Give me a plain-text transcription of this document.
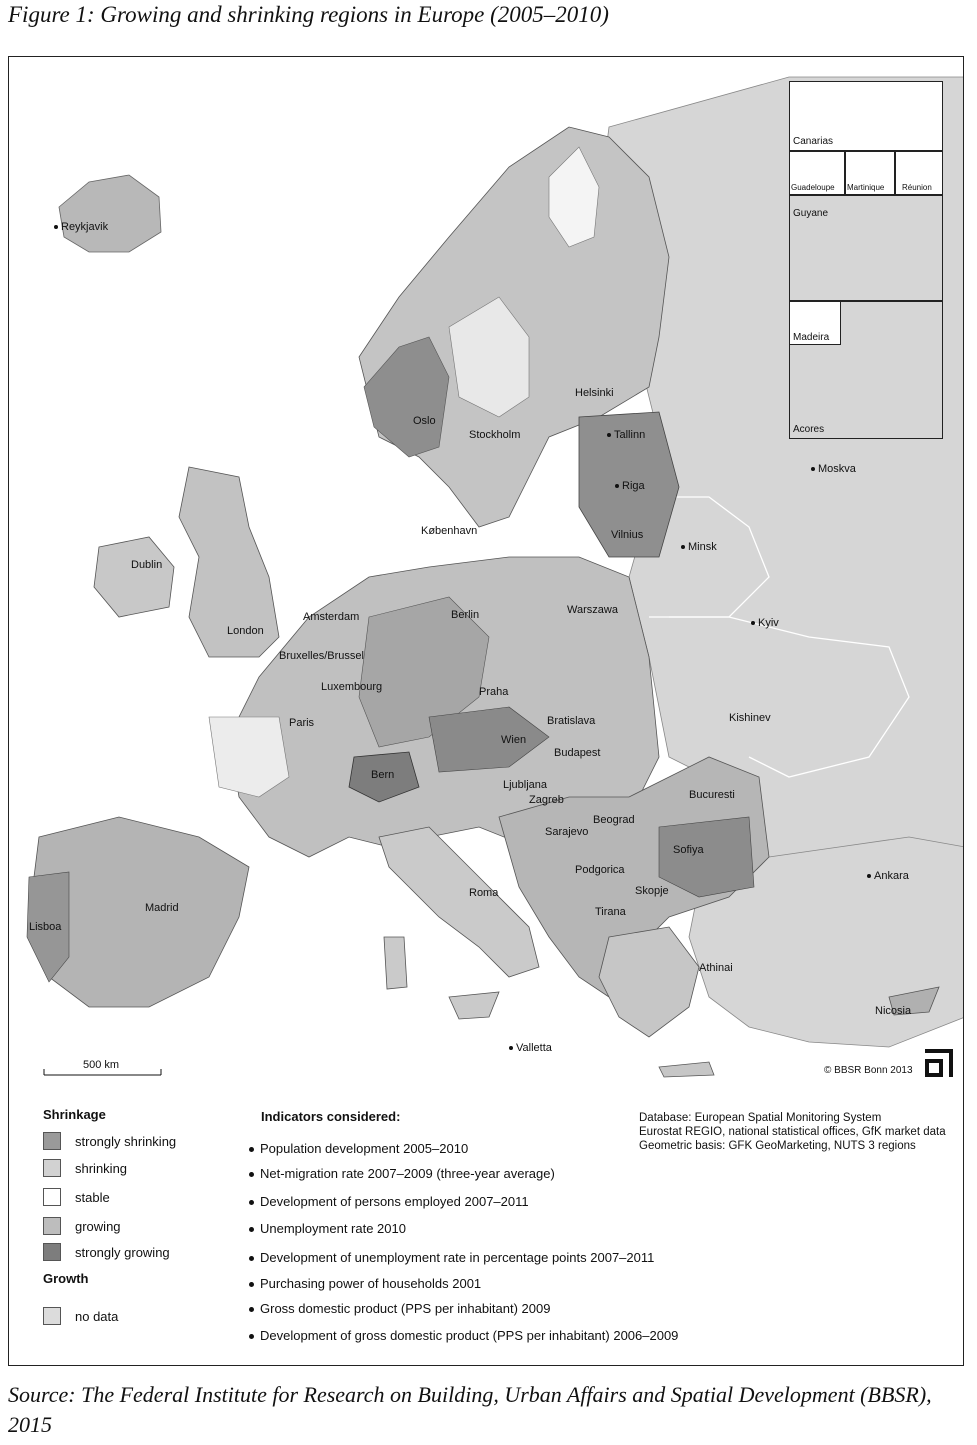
Figure 1: Growing and shrinking regions in Europe (2005–2010)
Canarias
Guadeloupe Martinique Réunion
Guyane
Madeira
Acores
Reykjavik
Oslo
Stockholm
Helsinki
Tallinn
Riga
Vilnius
Moskva
Minsk
København
Dublin
London
Amsterdam	Berlin	Warszawa
Kyiv
Bruxelles/Brussel
Luxembourg	Praha
Paris	Bratislava
Wien
Budapest
Kishinev
Bern
Ljubljana
Zagreb	Bucuresti
Beograd
Sarajevo
Sofiya
Podgorica	Ankara
Skopje
Madrid
Roma
Tirana
Lisboa
Athinai
Nicosia
Valletta
500 km	© BBSR Bonn 2013
Shrinkage
strongly shrinking
shrinking
stable
growing
strongly growing
Growth
no data
Indicators considered:
Population development 2005–2010
Net-migration rate 2007–2009 (three-year average)
Development of persons employed 2007–2011
Unemployment rate 2010
Development of unemployment rate in percentage points 2007–2011
Purchasing power of households 2001
Gross domestic product (PPS per inhabitant) 2009
Development of gross domestic product (PPS per inhabitant) 2006–2009
Database: European Spatial Monitoring System
Eurostat REGIO, national statistical offices, GfK market data
Geometric basis: GFK GeoMarketing, NUTS 3 regions
Source: The Federal Institute for Research on Building, Urban Affairs and Spatial Development (BBSR), 2015
